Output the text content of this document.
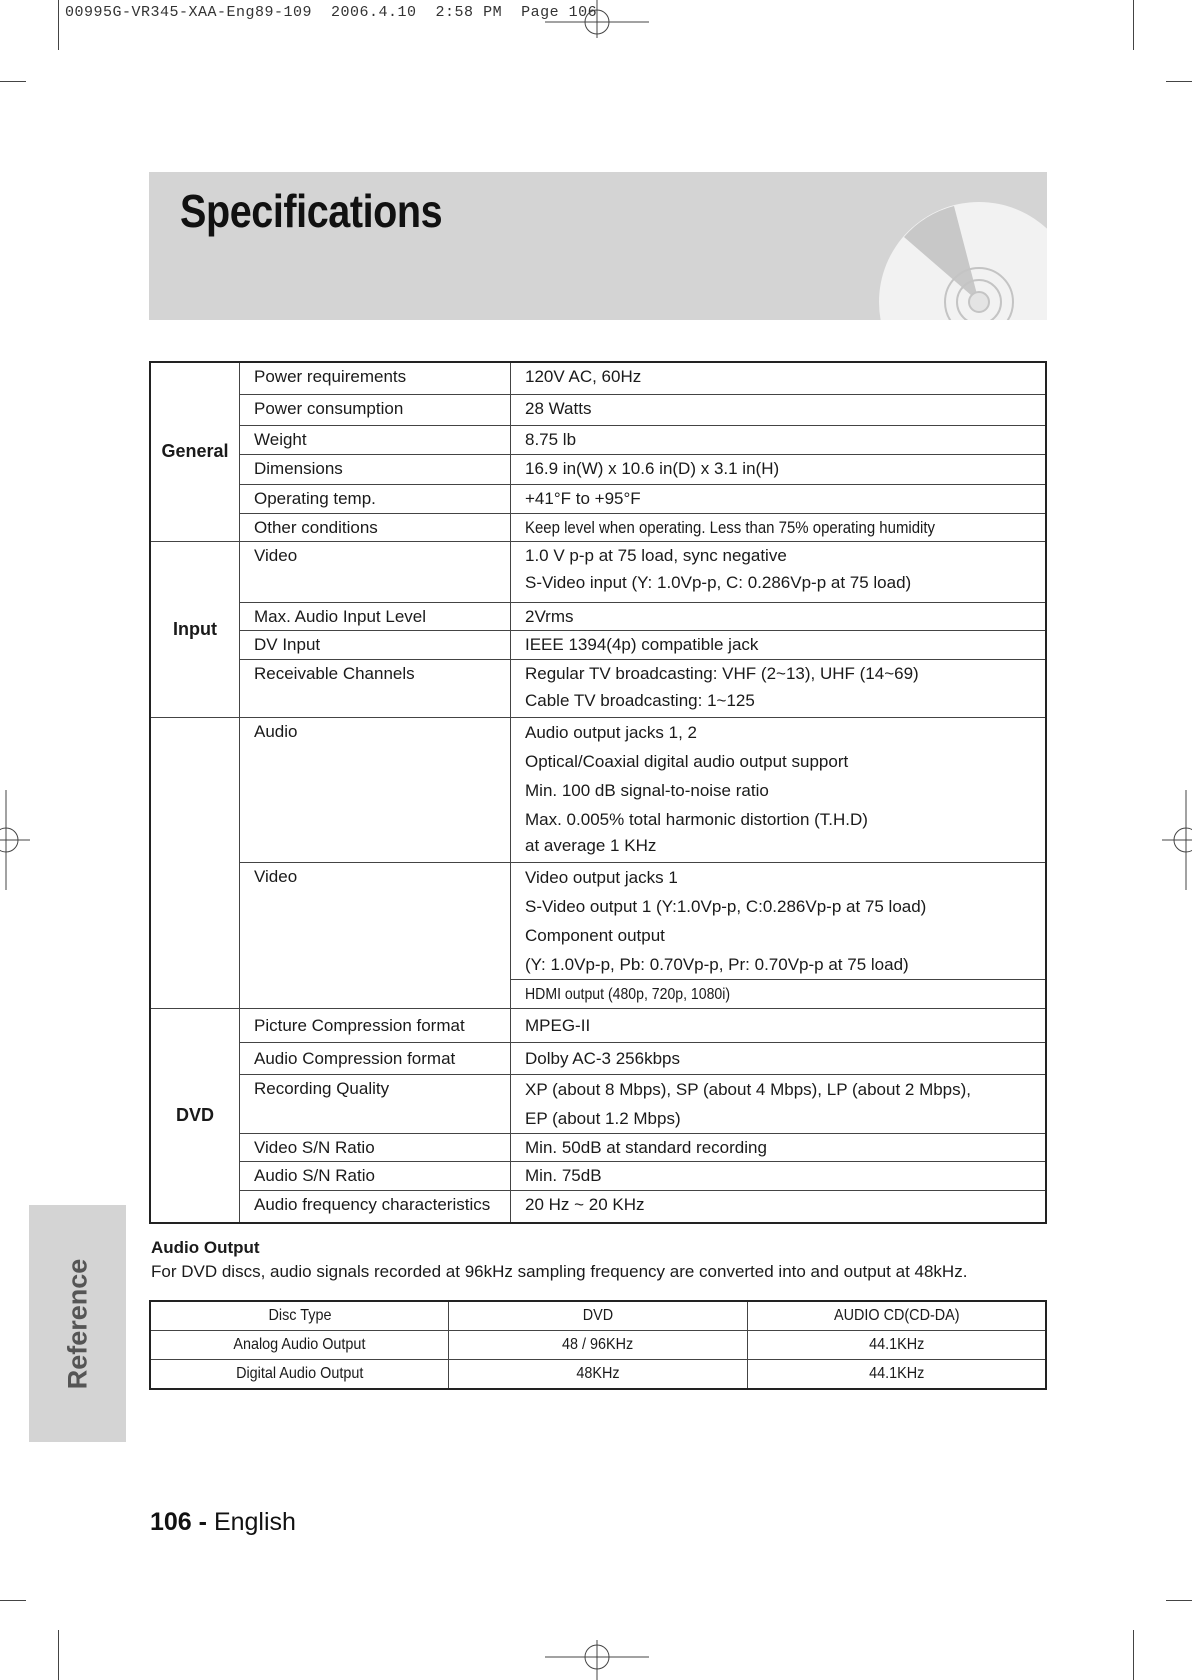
00995G-VR345-XAA-Eng89-109  2006.4.10  2:58 PM  Page 106
Specifications
General	Power requirements	120V AC, 60Hz
	Power consumption	28 Watts
	Weight	8.75 lb
	Dimensions	16.9 in(W) x 10.6 in(D) x 3.1 in(H)
	Operating temp.	+41°F to +95°F
	Other conditions	Keep level when operating. Less than 75% operating humidity
Input	Video	1.0 V p-p at 75 load, sync negative
S-Video input (Y: 1.0Vp-p, C: 0.286Vp-p at 75 load)

	Max. Audio Input Level	2Vrms
	DV Input	IEEE 1394(4p) compatible jack
	Receivable Channels	Regular TV broadcasting: VHF (2~13), UHF (14~69)
Cable TV broadcasting: 1~125

	Audio	Audio output jacks 1, 2
Optical/Coaxial digital audio output support
Min. 100 dB signal-to-noise ratio
Max. 0.005% total harmonic distortion (T.H.D)
at average 1 KHz

	Video	Video output jacks 1
S-Video output 1 (Y:1.0Vp-p, C:0.286Vp-p at 75 load)
Component output
(Y: 1.0Vp-p, Pb: 0.70Vp-p, Pr: 0.70Vp-p at 75 load)

		HDMI output (480p, 720p, 1080i)
DVD	Picture Compression format	MPEG-II
	Audio Compression format	Dolby AC-3 256kbps
	Recording Quality	XP (about 8 Mbps), SP (about 4 Mbps), LP (about 2 Mbps),
EP (about 1.2 Mbps)

	Video S/N Ratio	Min. 50dB at standard recording
	Audio S/N Ratio	Min. 75dB
	Audio frequency characteristics	20 Hz ~ 20 KHz
Audio Output
For DVD discs, audio signals recorded at 96kHz sampling frequency are converted into and output at 48kHz.
Disc Type	DVD	AUDIO CD(CD-DA)
Analog Audio Output	48 / 96KHz	44.1KHz
Digital Audio Output	48KHz	44.1KHz
Reference
106 - English
